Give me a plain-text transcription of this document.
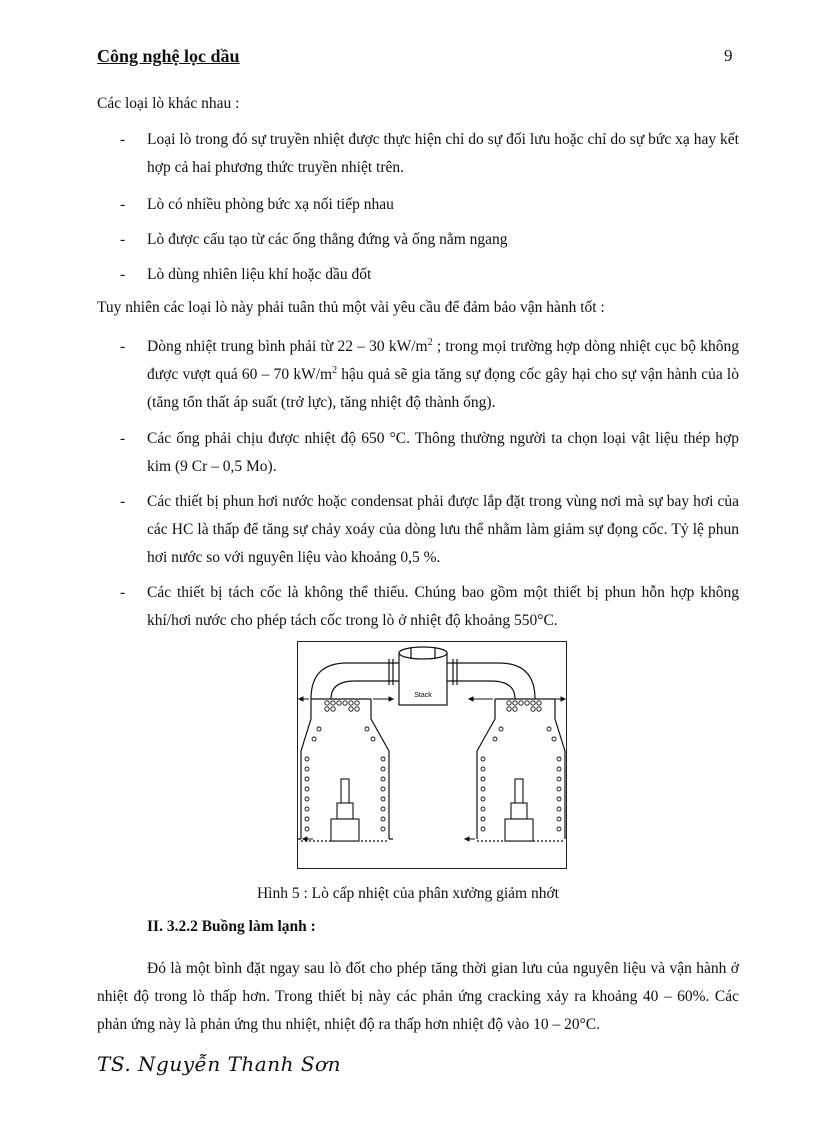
Công nghệ lọc dầu	9

Các loại lò khác nhau :

- Loại lò trong đó sự truyền nhiệt được thực hiện chỉ do sự đối lưu hoặc chỉ do sự bức xạ hay kết hợp cả hai phương thức truyền nhiệt trên.

- Lò có nhiều phòng bức xạ nối tiếp nhau

- Lò được cấu tạo từ các ống thẳng đứng và ống nằm ngang

- Lò dùng nhiên liệu khí hoặc dầu đốt

Tuy nhiên các loại lò này phải tuân thủ một vài yêu cầu để đảm bảo vận hành tốt :

- Dòng nhiệt trung bình phải từ 22 – 30 $kW/m^2$ ; trong mọi trường hợp dòng nhiệt cục bộ không được vượt quá 60 – 70 $kW/m^2$ hậu quả sẽ gia tăng sự đọng cốc gây hại cho sự vận hành của lò (tăng tổn thất áp suất (trở lực), tăng nhiệt độ thành ống).

- Các ống phải chịu được nhiệt độ 650 °C. Thông thường người ta chọn loại vật liệu thép hợp kim (9 Cr – 0,5 Mo).

- Các thiết bị phun hơi nước hoặc condensat phải được lắp đặt trong vùng nơi mà sự bay hơi của các HC là thấp để tăng sự chảy xoáy của dòng lưu thể nhằm làm giảm sự đọng cốc. Tỷ lệ phun hơi nước so với nguyên liệu vào khoảng 0,5 %.

- Các thiết bị tách cốc là không thể thiếu. Chúng bao gồm một thiết bị phun hỗn hợp không khí/hơi nước cho phép tách cốc trong lò ở nhiệt độ khoảng 550°C.

Stack
Hình 5 : Lò cấp nhiệt của phân xưởng giảm nhớt
II. 3.2.2 Buồng làm lạnh :

Đó là một bình đặt ngay sau lò đốt cho phép tăng thời gian lưu của nguyên liệu và vận hành ở nhiệt độ trong lò thấp hơn. Trong thiết bị này các phản ứng cracking xảy ra khoảng 40 – 60%. Các phản ứng này là phản ứng thu nhiệt, nhiệt độ ra thấp hơn nhiệt độ vào 10 – 20°C.

TS. Nguyễn Thanh Sơn
